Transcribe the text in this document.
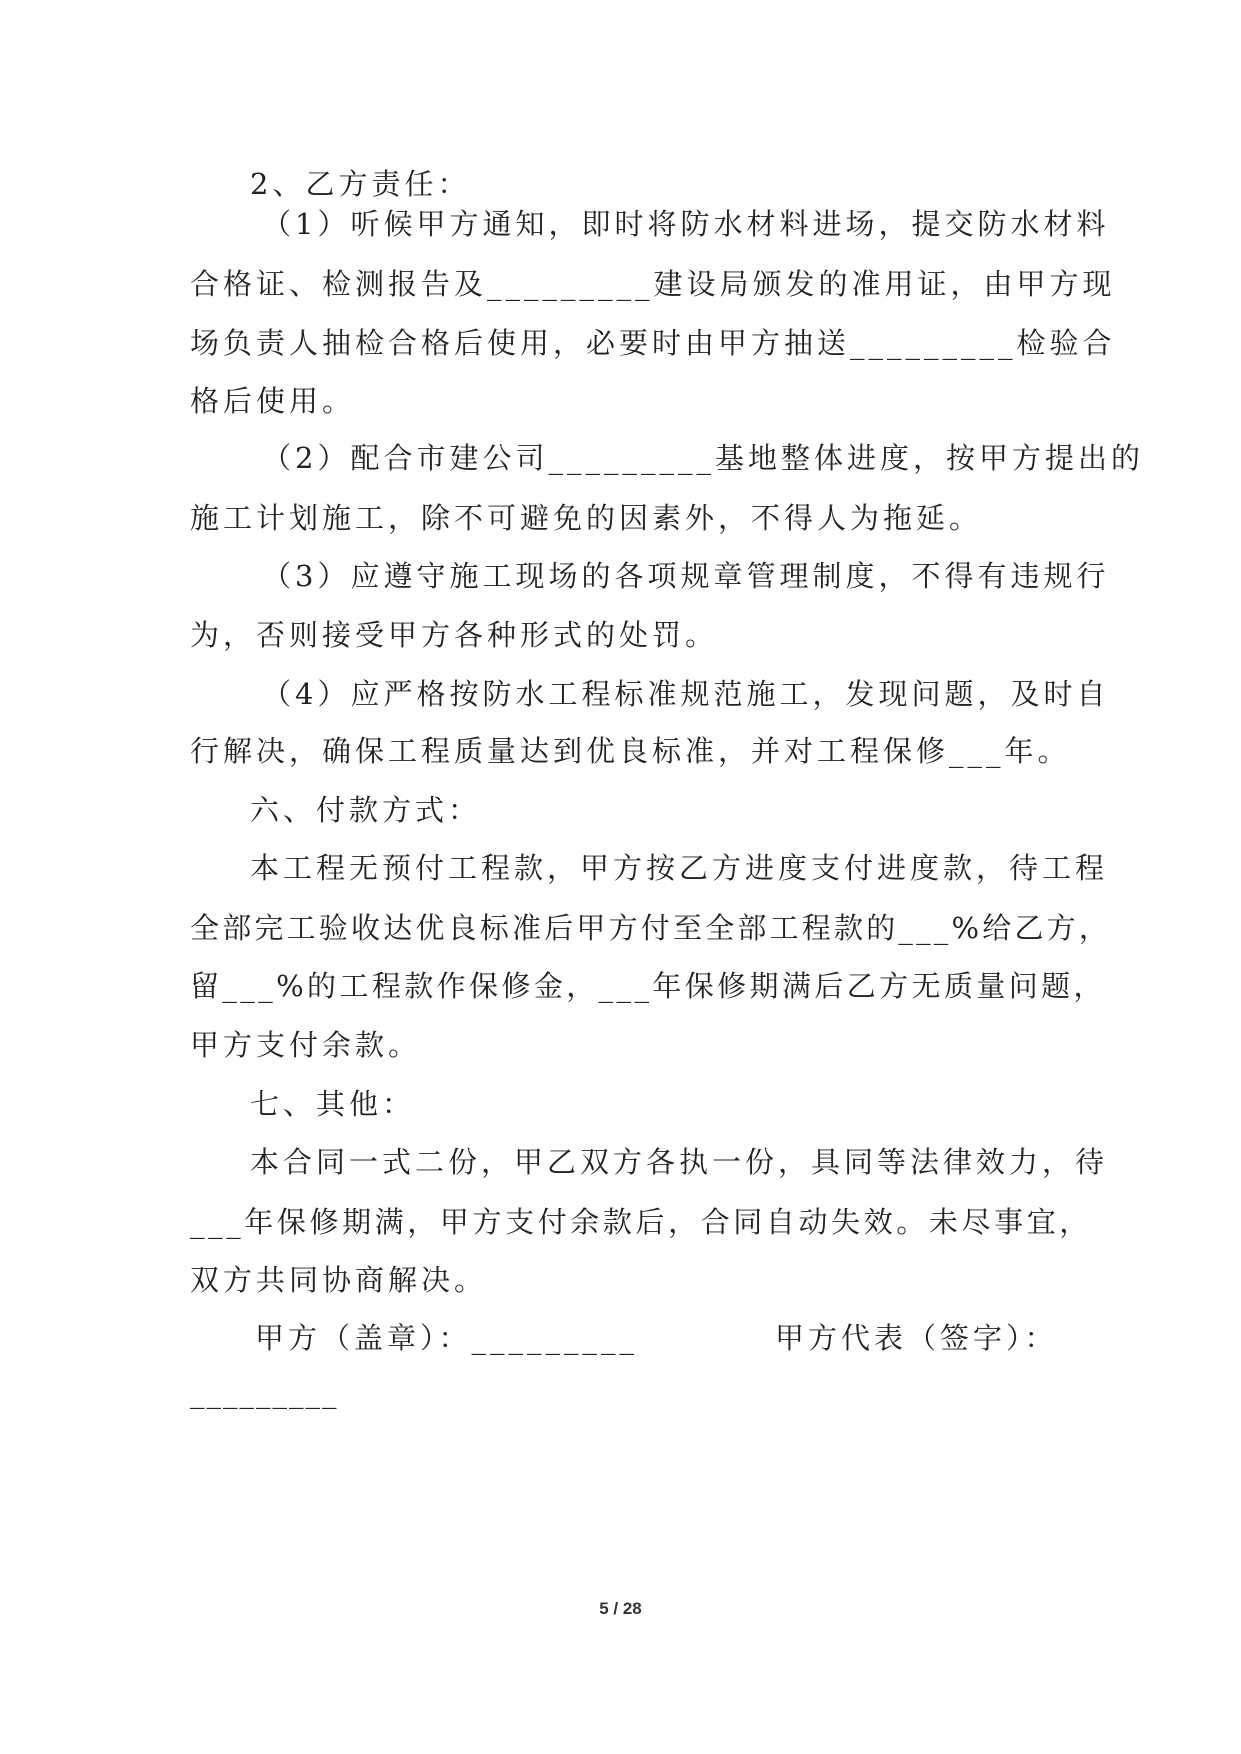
2、乙方责任：

（1）听候甲方通知，即时将防水材料进场，提交防水材料

合格证、检测报告及_________建设局颁发的准用证，由甲方现

场负责人抽检合格后使用，必要时由甲方抽送_________检验合

格后使用。

（2）配合市建公司_________基地整体进度，按甲方提出的

施工计划施工，除不可避免的因素外，不得人为拖延。

（3）应遵守施工现场的各项规章管理制度，不得有违规行

为，否则接受甲方各种形式的处罚。

（4）应严格按防水工程标准规范施工，发现问题，及时自

行解决，确保工程质量达到优良标准，并对工程保修___年。

六、付款方式：

本工程无预付工程款，甲方按乙方进度支付进度款，待工程

全部完工验收达优良标准后甲方付至全部工程款的___%给乙方，

留___%的工程款作保修金，___年保修期满后乙方无质量问题，

甲方支付余款。

七、其他：

本合同一式二份，甲乙双方各执一份，具同等法律效力，待

___年保修期满，甲方支付余款后，合同自动失效。未尽事宜，

双方共同协商解决。

甲方（盖章）：_________	甲方代表（签字）：

_________

5 / 28
